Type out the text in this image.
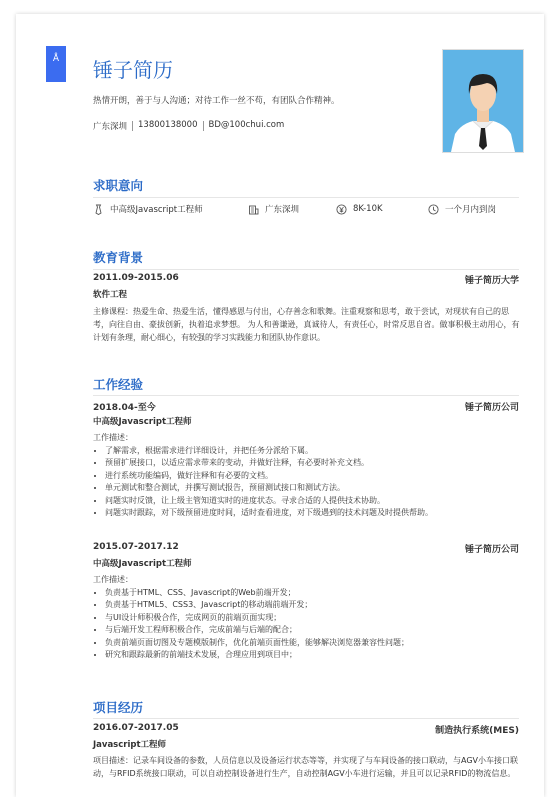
Å 锤子简历
热情开朗，善于与人沟通；对待工作一丝不苟，有团队合作精神。
广东深圳 13800138000 BD@100chui.com
求职意向
中高级Javascript工程师	广东深圳	8K-10K	一个月内到岗
教育背景
2011.09-2015.06	锤子简历大学
软件工程
主修课程：热爱生命、热爱生活，懂得感恩与付出，心存善念和歌舞。注重观察和思考，敢于尝试，对现状有自己的思考，向往自由、豪拔创新，执着追求梦想。 为人和善谦逊，真诚待人，有责任心，时常反思自省。做事积极主动用心，有计划有条理，耐心细心，有较强的学习实践能力和团队协作意识。
工作经验
2018.04-至今	锤子简历公司
中高级Javascript工程师
工作描述：
• 了解需求，根据需求进行详细设计，并把任务分派给下属。
• 预留扩展接口，以适应需求带来的变动，并做好注释，有必要时补充文档。
• 进行系统功能编码，做好注释和有必要的文档。
• 单元测试和整合测试，并撰写测试报告，预留测试接口和测试方法。
• 问题实时反馈，让上级主管知道实时的进度状态。寻求合适的人提供技术协助。
• 问题实时跟踪，对下级预留进度时间，适时查看进度，对下级遇到的技术问题及时提供帮助。
2015.07-2017.12	锤子简历公司
中高级Javascript工程师
工作描述：
• 负责基于HTML、CSS、Javascript的Web前端开发；
• 负责基于HTML5、CSS3、Javascript的移动端前端开发；
• 与UI设计师积极合作，完成网页的前端页面实现；
• 与后端开发工程师积极合作，完成前端与后端的配合；
• 负责前端页面切图及专题模版制作，优化前端页面性能，能够解决浏览器兼容性问题；
• 研究和跟踪最新的前端技术发展，合理应用到项目中；
项目经历
2016.07-2017.05	制造执行系统(MES)
Javascript工程师
项目描述：记录车间设备的参数，人员信息以及设备运行状态等等，并实现了与车间设备的接口联动，与AGV小车接口联动，与RFID系统接口联动，可以自动控制设备进行生产，自动控制AGV小车进行运输，并且可以记录RFID的物流信息。
